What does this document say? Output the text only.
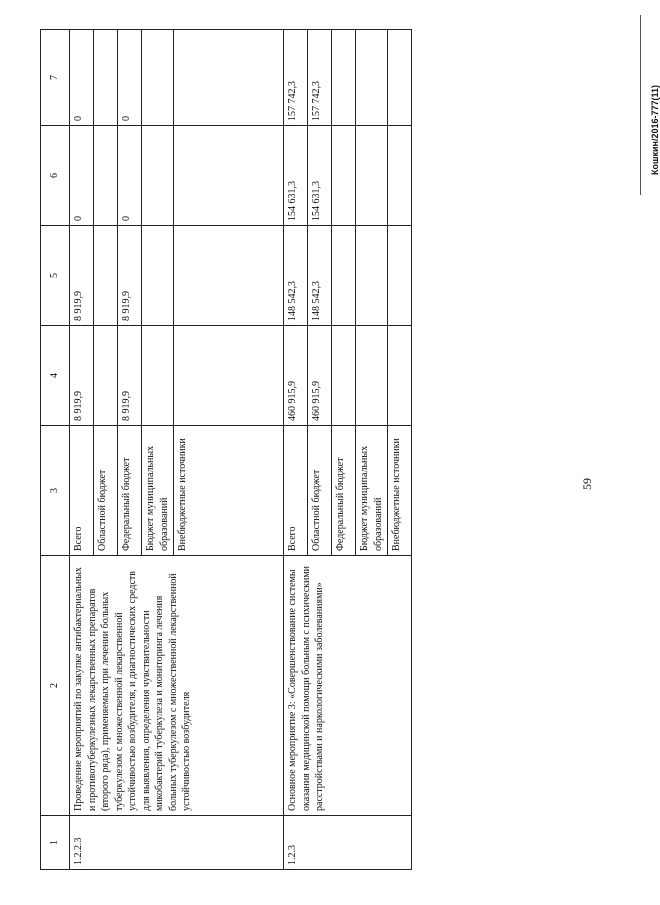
59
Кошкин/2016-777(11)
1	2	3	4	5	6	7
1.2.2.3	Проведение мероприятий по закупке антибактериальных и противотуберкулезных лекарственных препаратов (второго ряда), применяемых при лечении больных туберкулезом с множественной лекарственной устойчивостью возбудителя, и диагностических средств для выявления, определения чувствительности микобактерий туберкулеза и мониторинга лечения больных туберкулезом с множественной лекарственной устойчивостью возбудителя	Всего	8 919,9	8 919,9	0	0
		Областной бюджет				
		Федеральный бюджет	8 919,9	8 919,9	0	0
		Бюджет муниципальных образований				
		Внебюджетные источники				
1.2.3	Основное мероприятие 3: «Совершенствование системы оказания медицинской помощи больным с психическими расстройствами и наркологическими заболеваниями»	Всего	460 915,9	148 542,3	154 631,3	157 742,3
		Областной бюджет	460 915,9	148 542,3	154 631,3	157 742,3
		Федеральный бюджет				
		Бюджет муниципальных образований				
		Внебюджетные источники				
